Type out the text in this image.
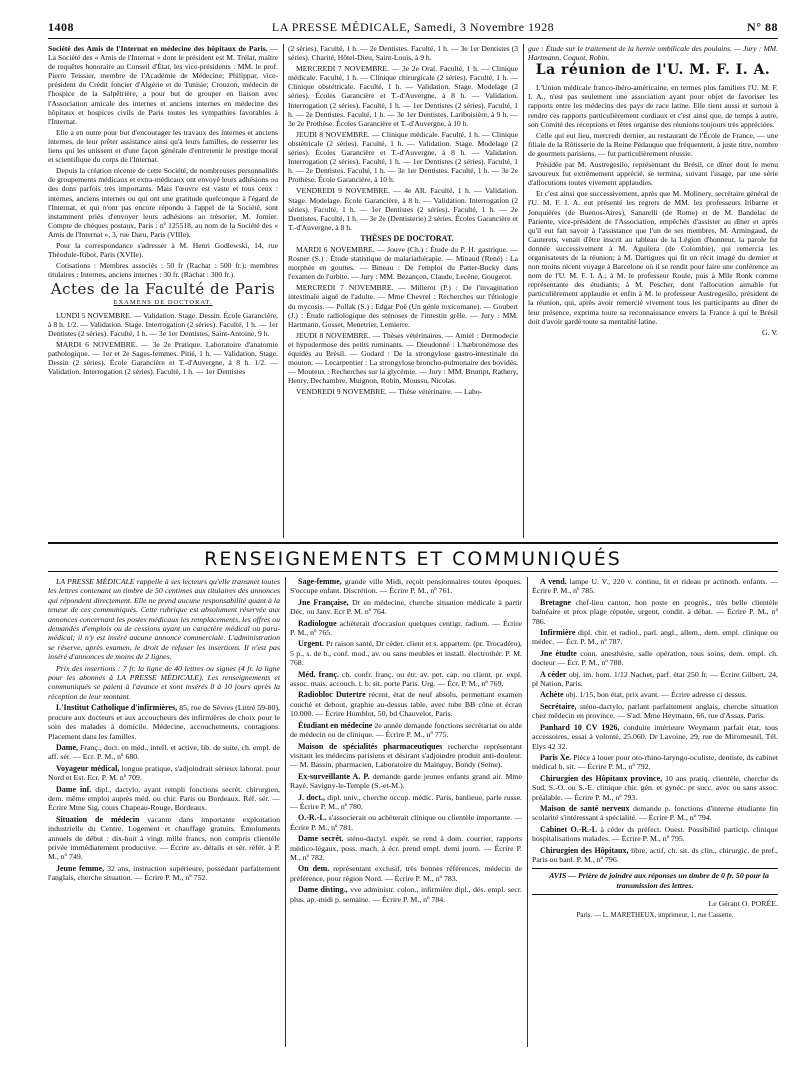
1408	LA PRESSE MÉDICALE, Samedi, 3 Novembre 1928	N° 88

Société des Amis de l'Internat en médecine des hôpitaux de Paris. — La Société des « Amis de l'Internat » dont le président est M. Trélat, maître de requêtes honoraire au Conseil d'État, les vice-présidents : MM. le prof. Pierre Teissier, membre de l'Académie de Médecine; Philippar, vice-président du Crédit foncier d'Algérie et de Tunisie; Crouzon, médecin de l'hospice de la Salpêtrière, a pour but de grouper en liaison avec l'Association amicale des internes et anciens internes en médecine des hôpitaux et hospices civils de Paris toutes les sympathies favorables à l'Internat.

Elle a en outre pour but d'encourager les travaux des internes et anciens internes, de leur prêter assistance ainsi qu'à leurs familles, de resserrer les liens qui les unissent et d'une façon générale d'entretenir le prestige moral et scientifique du corps de l'Internat.

Depuis la création récente de cette Société, de nombreuses personnalités de groupements médicaux et extra-médicaux ont envoyé leurs adhésions ou des dons parfois très importants. Mais l'œuvre est vaste et tous ceux : internes, anciens internes ou qui ont une gratitude quelconque à l'égard de l'Internat, et qui n'ont pas encore répondu à l'appel de la Société, sont instamment priés d'envoyer leurs adhésions au trésorier, M. Jomier. Compte de chèques postaux, Paris : nº 125518, au nom de la Société des « Amis de l'Internat », 3, rue Daru, Paris (VIIIe).

Pour la correspondance s'adresser à M. Henri Godlewski, 14, rue Théodule-Ribot, Paris (XVIIe).

Cotisations : Membres associés : 50 fr (Rachat : 500 fr.); membres titulaires : Internes, anciens internes : 30 fr. (Rachat : 300 fr.).

Actes de la Faculté de Paris
EXAMENS DE DOCTORAT.

LUNDI 5 NOVEMBRE. — Validation. Stage. Dessin. École Garancière, à 8 h. 1/2. — Validation. Stage. Interrogation (2 séries). Faculté, 1 h. — 1er Dentistes (2 séries). Faculté, 1 h. — 3e 1er Dentistes, Saint-Antoine, 9 h.

MARDI 6 NOVEMBRE. — 3e 2e Pratique. Laboratoire d'anatomie pathologique. — 1er et 2e Sages-femmes. Pitié, 1 h. — Validation. Stage. Dessin (2 séries). École Garancière et T.-d'Auvergne, à 8 h. 1/2. — Validation. Interrogation (2 séries). Faculté, 1 h. — 1er Dentistes

(2 séries), Faculté, 1 h. — 2e Dentistes. Faculté, 1 h. — 3e 1er Dentistes (3 séries). Charité, Hôtel-Dieu, Saint-Louis, à 9 h.

MERCREDI 7 NOVEMBRE. — 3e 2e Oral. Faculté, 1 h. — Clinique médicale. Faculté, 1 h. — Clinique chirurgicale (2 séries). Faculté, 1 h. — Clinique obstétricale. Faculté, 1 h. — Validation. Stage. Modelage (2 séries). Écoles Garancière et T.-d'Auvergne, à 8 h. — Validation. Interrogation (2 séries). Faculté, 1 h. — 1er Dentistes (2 séries). Faculté, 1 h. — 2e Dentistes. Faculté, 1 h. — 3e 1er Dentistes. Lariboisière, à 9 h. — 3e 2e Prothèse. Écoles Garancière et T.-d'Auvergne, à 10 h.

JEUDI 8 NOVEMBRE. — Clinique médicale. Faculté, 1 h. — Clinique obstétricale (2 séries). Faculté, 1 h. — Validation. Stage. Modelage (2 séries). Écoles Garancière et T.-d'Auvergne, à 8 h. — Validation. Interrogation (2 séries). Faculté, 1 h. — 1er Dentistes (2 séries). Faculté, 1 h. — 2e Dentistes. Faculté, 1 h. — 3e 1er Dentistes. Faculté, 1 h. — 3e 2e Prothèse. École Garancière, à 10 h.

VENDREDI 9 NOVEMBRE. — 4e AR. Faculté, 1 h. — Validation. Stage. Modelage. École Garancière, à 8 h. — Validation. Interrogation (2 séries). Faculté, 1 h. — 1er Dentistes (2 séries). Faculté, 1 h. — 2e Dentistes. Faculté, 1 h. — 3e 2e (Dentisterie) 2 séries. Écoles Garancière et T.-d'Auvergne, à 8 h.

THÈSES DE DOCTORAT.

MARDI 6 NOVEMBRE. — Jouve (Ch.) : Étude du P. H. gastrique. — Rosner (S.) : Étude statistique de malariathérapie. — Minaud (René) : La morphée en gouttes. — Bineau : De l'emploi du Patter-Bucky dans l'examen de l'orbite. — Jury : MM. Bezançon, Claude, Lecène, Gougerot.

MERCREDI 7 NOVEMBRE. — Millerot (P.) : De l'invagination intestinale aiguë de l'adulte. — Mme Chevrel : Recherches sur l'étiologie du mycosis. — Pollak (S.) : Edgar Poë (Un génie toxicomane). — Goubert (J.) : Étude radiologique des sténoses de l'intestin grêle. — Jury : MM. Hartmann, Gosset, Menetrier, Lemierre.

JEUDI 8 NOVEMBRE. — Thèses vétérinaires. — Amiel : Dermodecie et hypodermose des petits ruminants. — Dieudonné : L'hæbronémose des équidés au Brésil. — Godard : De la strongylose gastro-intestinale du mouton. — Lecarpentier : La strongylose broncho-pulmonaire des bovidés. — Mouteux : Recherches sur la glycémie. — Jury : MM. Brumpt, Rathery, Henry, Dechambre, Muignon, Robin, Moussu, Nicolas.

VENDREDI 9 NOVEMBRE. — Thèse vétérinaire. — Laho-

gue : Étude sur le traitement de la hernie ombilicale des poulains. — Jury : MM. Hartmann, Coquot, Robin.

La réunion de l'U. M. F. I. A.

L'Union médicale franco-ibéro-américaine, en termes plus familiers l'U. M. F. I. A., n'est pas seulement une association ayant pour objet de favoriser les rapports entre les médecins des pays de race latine. Elle tient aussi et surtout à rendre ces rapports particulièrement cordiaux et c'est ainsi que, de temps à autre, son Comité des réceptions et fêtes organise des réunions toujours très appréciées.

Celle qui eut lieu, mercredi dernier, au restaurant de l'École de France, — une filiale de la Rôtisserie de la Reine Pédauque que fréquentent, à juste titre, nombre de gourmets parisiens, — fut particulièrement réussie.

Présidée par M. Austregesilo, représentant du Brésil, ce dîner dout le menu savoureux fut extrêmement apprécié, se termina, suivant l'usage, par une série d'allocutions toutes vivement applaudies.

Et c'est ainsi que successivement, après que M. Molinery, secrétaire général de l'U. M. F. I. A. eut présenté les regrets de MM. les professeurs Iribarne et Jonquières (de Buenos-Aires), Sanarelli (de Rome) et de M. Bandelac de Pariente, vice-président de l'Association, empêchés d'assister au dîner et après qu'il eut fait savoir à l'assistance que l'un de ses membres, M. Armingaud, de Cauterets, venait d'être inscrit au tableau de la Légion d'honneur, la parole fut donnée successivement à M. Aguilera (de Colombie), qui remercia les organisateurs de la réunion; à M. Dartigues qui fit un récit imagé du dernier et non moins récent voyage à Barcelone où il se rendit pour faire une conférence au nom de l'U. M. F. I. A.; à M. le professeur Roule, puis à Mlle Ronk comme représentante des étudiants; à M. Pescher, dont l'allocution aimable fut particulièrement applaudie et enfin à M. le professeur Austregesilo, président de la réunion, qui, après avoir remercié vivement tous les participants au dîner de leur présence, exprima toute sa reconnaissance envers la France à qui le Brésil doit d'avoir gardé toute sa mentalité latine.

G. V.
RENSEIGNEMENTS ET COMMUNIQUÉS

LA PRESSE MÉDICALE rappelle à ses lecteurs qu'elle transmet toutes les lettres contenant un timbre de 50 centimes aux titulaires des annonces qui répondent directement. Elle ne prend aucune responsabilité quant à la teneur de ces communiqués. Cette rubrique est absolument réservée aux annonces concernant les postes médicaux les remplacements, les offres ou demandes d'emplois ou de cessions ayant un caractère médical ou para-médical; il n'y est inséré aucune annonce commerciale. L'administration se réserve, après examen, le droit de refuser les insertions. Il n'est pas inséré d'annonces de moins de 2 lignes.

Prix des insertions : 7 fr. la ligne de 40 lettres ou signes (4 fr. la ligne pour les abonnés à LA PRESSE MÉDICALE). Les renseignements et communiqués se paient à l'avance et sont insérés 8 à 10 jours après la réception de leur montant.

L'Institut Catholique d'infirmières, 85, rue de Sèvres (Littré 59-80), procure aux docteurs et aux accoucheurs des infirmières de choix pour le soin des malades à domicile. Médecine, accouchements, contagions. Placement dans les familles.

Dame, Franç., doct. en méd., intell. et active, lib. de suite, ch. empl. de aff. sér. — Ecr. P. M., nº 680.

Voyageur médical, longue pratique, s'adjoindrait sérieux laborat. pour Nord et Est. Ecr. P. M. nº 709.

Dame inf. dipl., dactylo, ayant rempli fonctions secrét. chirurgien, dem. même emploi auprès méd. ou chir. Paris ou Bordeaux. Réf. sér. — Écrire Mme Sig, cours Chapeau-Rouge, Bordeaux.

Situation de médecin vacante dans importante exploitation industrielle du Centre. Logement et chauffage gratuits. Émoluments annuels de début : dix-huit à vingt mille francs, non compris clientèle privée immédiatement productive. — Écrire av. détails et sér. référ. à P. M., nº 749.

Jeune femme, 32 ans, instruction supérieure, possédant parfaitement l'anglais, cherche situation. — Écrire P. M., nº 752.

Sage-femme, grande ville Midi, reçoit pensionnaires toutes époques. S'occupe enfant. Discrétion. — Écrire P. M., nº 761.

Jne Française, Dr en médecine, cherche situation médicale à partir Déc. ou Janv. Ecr P. M. nº 764.

Radiologue achèterait d'occasion quelques centigr. radium. — Écrire P. M., nº 765.

Urgent. Pr raison santé, Dr céder. client et s. appartem. (pr. Trocadéro), 5 p., s. de b., conf. mod., av. ou sans meubles et install. électrothér. P. M. 768.

Méd. franç. ch. confr. franç. ou étr. av. pet. cap. ou client. pr. expl. assoc. mais. accouch. t. b. sit. porte Paris. Urg. — Écr. P. M., nº 769.

Radiobloc Dutertre récent, état de neuf absolu, permettant examen couché et debout, graphie au-dessus table, avec tube BB cône et écran 10.000. — Écrire Humblot, 50, bd Chauvelot, Paris.

Étudiant en médecine 2e année demande fonctions secrétariat ou aide de médecin ou de clinique. — Écrire P. M., nº 775.

Maison de spécialités pharmaceutiques recherche représentant visitant les médecins parisiens et désirant s'adjoindre produit anti-douleur. — M. Bassin, pharmacien, Laboratoire du Mainguy, Bondy (Seine).

Ex-surveillante A. P. demande garde jeunes enfants grand air. Mme Rayé, Savigny-le-Temple (S.-et-M.).

J. doct., dipl. univ., cherche occup. médic. Paris, banlieue, parle russe. — Écrire P. M., nº 780.

O.-R.-L. s'associerait ou achèterait clinique ou clientèle importante. — Écrire P. M., nº 781.

Dame secrét. sténo-dactyl. expér. se rend à dom. courrier, rapports médico-légaux, poss. mach. à écr. prend empl. demi journ. — Écrire P. M., nº 782.

On dem. représentant exclusif, très bonnes références, médecin de préférence, pour région Nord. — Écrire P. M., nº 783.

Dame disting., vve administr. colon., infirmière dipl., dés. empl. secr. plus. ap.-midi p. semaine. — Écrire P. M., nº 784.

A vend. lampe U. V., 220 v. continu, lit et rideau pr actinoth. enfants. — Écrire P. M., nº 785.

Bretagne chef-lieu canton, bon poste en progrès., très belle clientèle balnéaire et prox plage réputée, urgent, condit. à débat. — Écrire P. M., nº 786.

Infirmière dipl. chir. et radiol., parl. angl., allem., dem. empl. clinique ou médec. — Écr. P. M., nº 787.

Jne étudte conn. anesthésie, salle opération, tous soins, dem. empl. ch. docteur — Écr. P. M., nº 788.

A céder obj. im. hom. 1/12 Nachet, parf. état 250 fr. — Écrire Gilbert, 24, pl Nation, Paris.

Achète obj. 1/15, bon état, prix avant. — Écrire adresse ci dessus.

Secrétaire, sténo-dactylo, parlant parfaitement anglais, cherche situation chez médecin en province. — S'ad. Mme Heymann, 66, rue d'Assas, Paris.

Panhard 10 CV 1926, conduite intérieure Weymann parfait état, tous accessoires, essai à volonté, 25.060. Dr Lavoine, 29, rue de Miromesnil, Tél. Elys 42 32.

Paris Xe. Pièce à louer pour oto-rhino-laryngo-oculiste, dentiste, ds cabinet médical b. sit. — Écrire P. M., nº 792.

Chirurgien des Hôpitaux province, 10 ans pratiq. clientèle, cherche ds Sud, S.-O. ou S.-E. clinique chir. gén. et gynéc. pr succ. avec ou sans assoc. préalable. — Écrire P. M., nº 793.

Maison de santé nerveux demande p. fonctions d'interne étudiante fin scolarité s'intéressant à spécialité. — Écrire P. M., nº 794.

Cabinet O.-R.-L à céder ds préfect. Ouest. Possibilité particip. clinique hospitalisations malades. — Écrire P. M., nº 795.

Chirurgien des Hôpitaux, libre, actif, ch. sit. ds clin., chirurgic. de pref., Paris ou banl. P. M., nº 796.

AVIS — Prière de joindre aux réponses un timbre de 0 fr. 50 pour la transmission des lettres.

Le Gérant O. PORÉE.
Paris. — L. MARETHEUX, imprimeur, 1, rue Cassette.
